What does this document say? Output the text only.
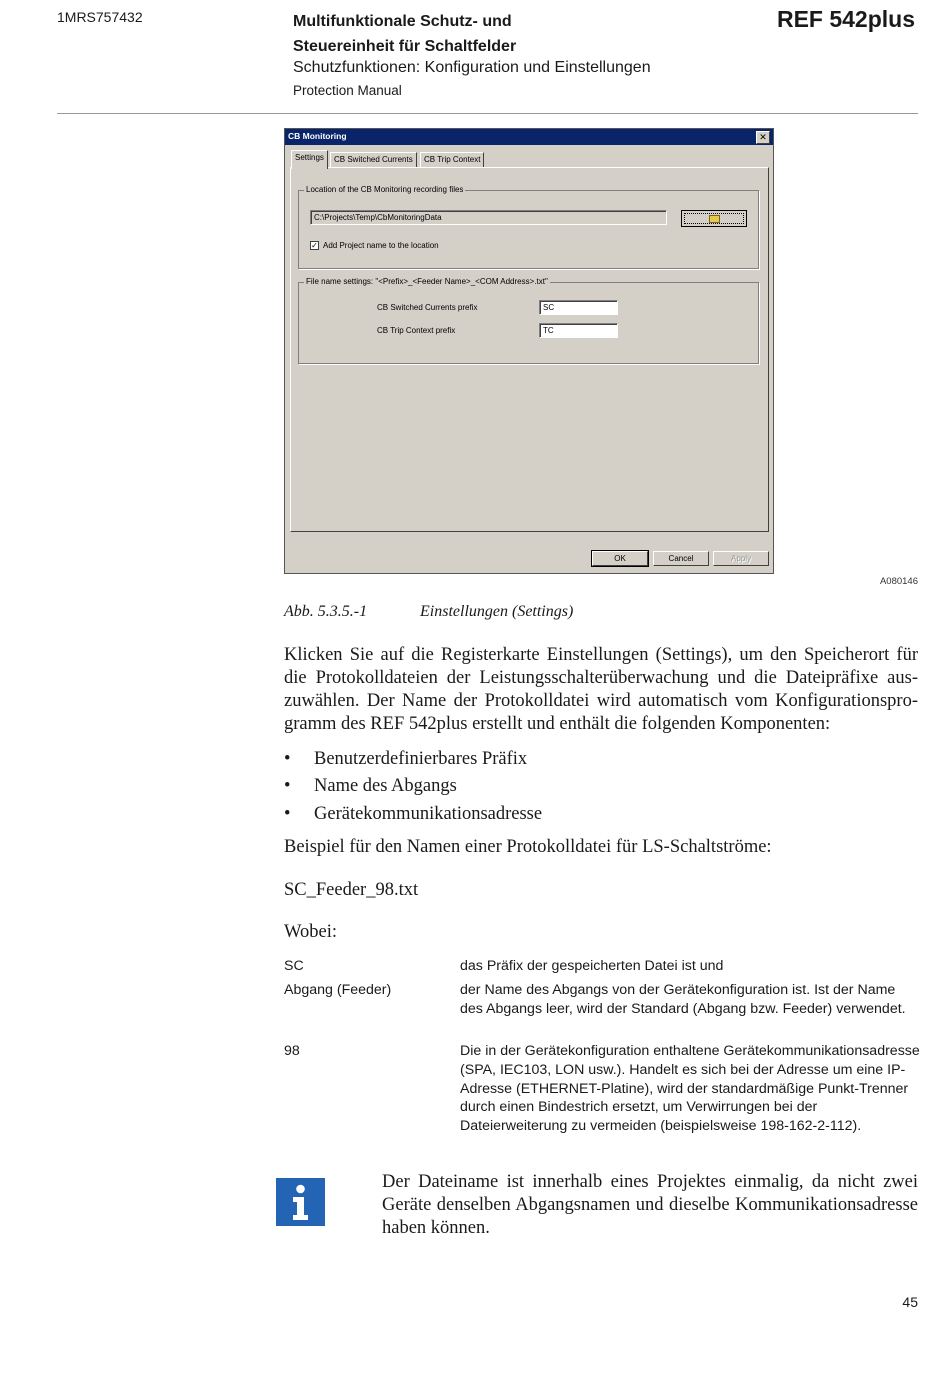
1MRS757432	Multifunktionale Schutz- und
Steuereinheit für Schaltfelder
Schutzfunktionen: Konfiguration und Einstellungen
Protection Manual
REF 542plus
CB Monitoring	✕
Settings	CB Switched Currents	CB Trip Context
Location of the CB Monitoring recording files
C:\Projects\Temp\CbMonitoringData
✓ Add Project name to the location
File name settings: "<Prefix>_<Feeder Name>_<COM Address>.txt"
CB Switched Currents prefix	SC
CB Trip Context prefix	TC
OK	Cancel	Apply
A080146
Abb. 5.3.5.-1	Einstellungen (Settings)
Klicken Sie auf die Registerkarte Einstellungen (Settings), um den Speicherort für die Protokolldateien der Leistungsschalterüberwachung und die Dateipräfixe auszuwählen. Der Name der Protokolldatei wird automatisch vom Konfigurationsprogramm des REF 542plus erstellt und enthält die folgenden Komponenten:
• Benutzerdefinierbares Präfix
• Name des Abgangs
• Gerätekommunikationsadresse
Beispiel für den Namen einer Protokolldatei für LS-Schaltströme:
SC_Feeder_98.txt
Wobei:
SC	das Präfix der gespeicherten Datei ist und
Abgang (Feeder)	der Name des Abgangs von der Gerätekonfiguration ist. Ist der Name des Abgangs leer, wird der Standard (Abgang bzw. Feeder) verwendet.
98	Die in der Gerätekonfiguration enthaltene Gerätekommunikationsadresse (SPA, IEC103, LON usw.). Handelt es sich bei der Adresse um eine IP-Adresse (ETHERNET-Platine), wird der standardmäßige Punkt-Trenner durch einen Bindestrich ersetzt, um Verwirrungen bei der Dateierweiterung zu vermeiden (beispielsweise 198-162-2-112).
Der Dateiname ist innerhalb eines Projektes einmalig, da nicht zwei Geräte denselben Abgangsnamen und dieselbe Kommunikationsadresse haben können.
45
